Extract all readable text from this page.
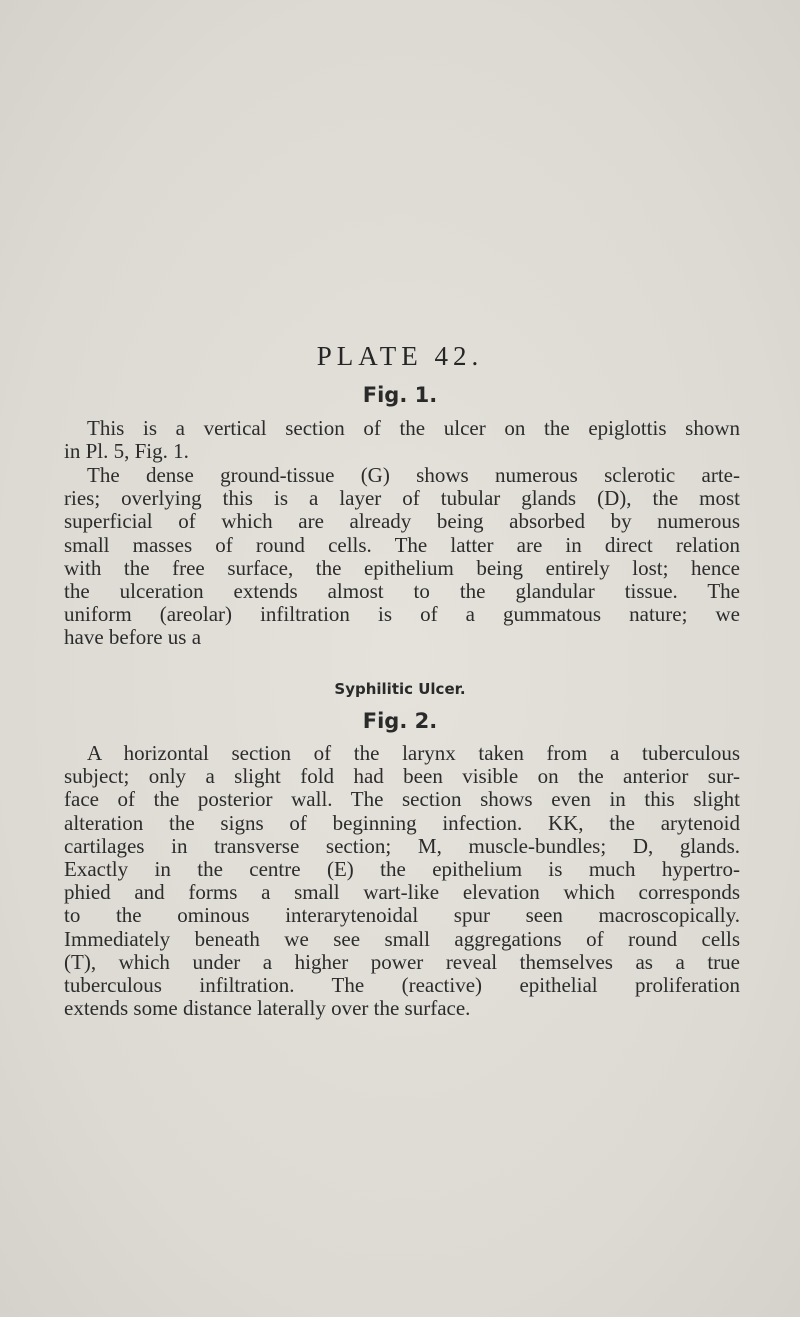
PLATE 42.
Fig. 1.
This is a vertical section of the ulcer on the epiglottis shown
in Pl. 5, Fig. 1.
The dense ground-tissue (G) shows numerous sclerotic arte-
ries; overlying this is a layer of tubular glands (D), the most
superficial of which are already being absorbed by numerous
small masses of round cells. The latter are in direct relation
with the free surface, the epithelium being entirely lost; hence
the ulceration extends almost to the glandular tissue. The
uniform (areolar) infiltration is of a gummatous nature; we
have before us a
Syphilitic Ulcer.
Fig. 2.
A horizontal section of the larynx taken from a tuberculous
subject; only a slight fold had been visible on the anterior sur-
face of the posterior wall. The section shows even in this slight
alteration the signs of beginning infection. KK, the arytenoid
cartilages in transverse section; M, muscle-bundles; D, glands.
Exactly in the centre (E) the epithelium is much hypertro-
phied and forms a small wart-like elevation which corresponds
to the ominous interarytenoidal spur seen macroscopically.
Immediately beneath we see small aggregations of round cells
(T), which under a higher power reveal themselves as a true
tuberculous infiltration. The (reactive) epithelial proliferation
extends some distance laterally over the surface.
